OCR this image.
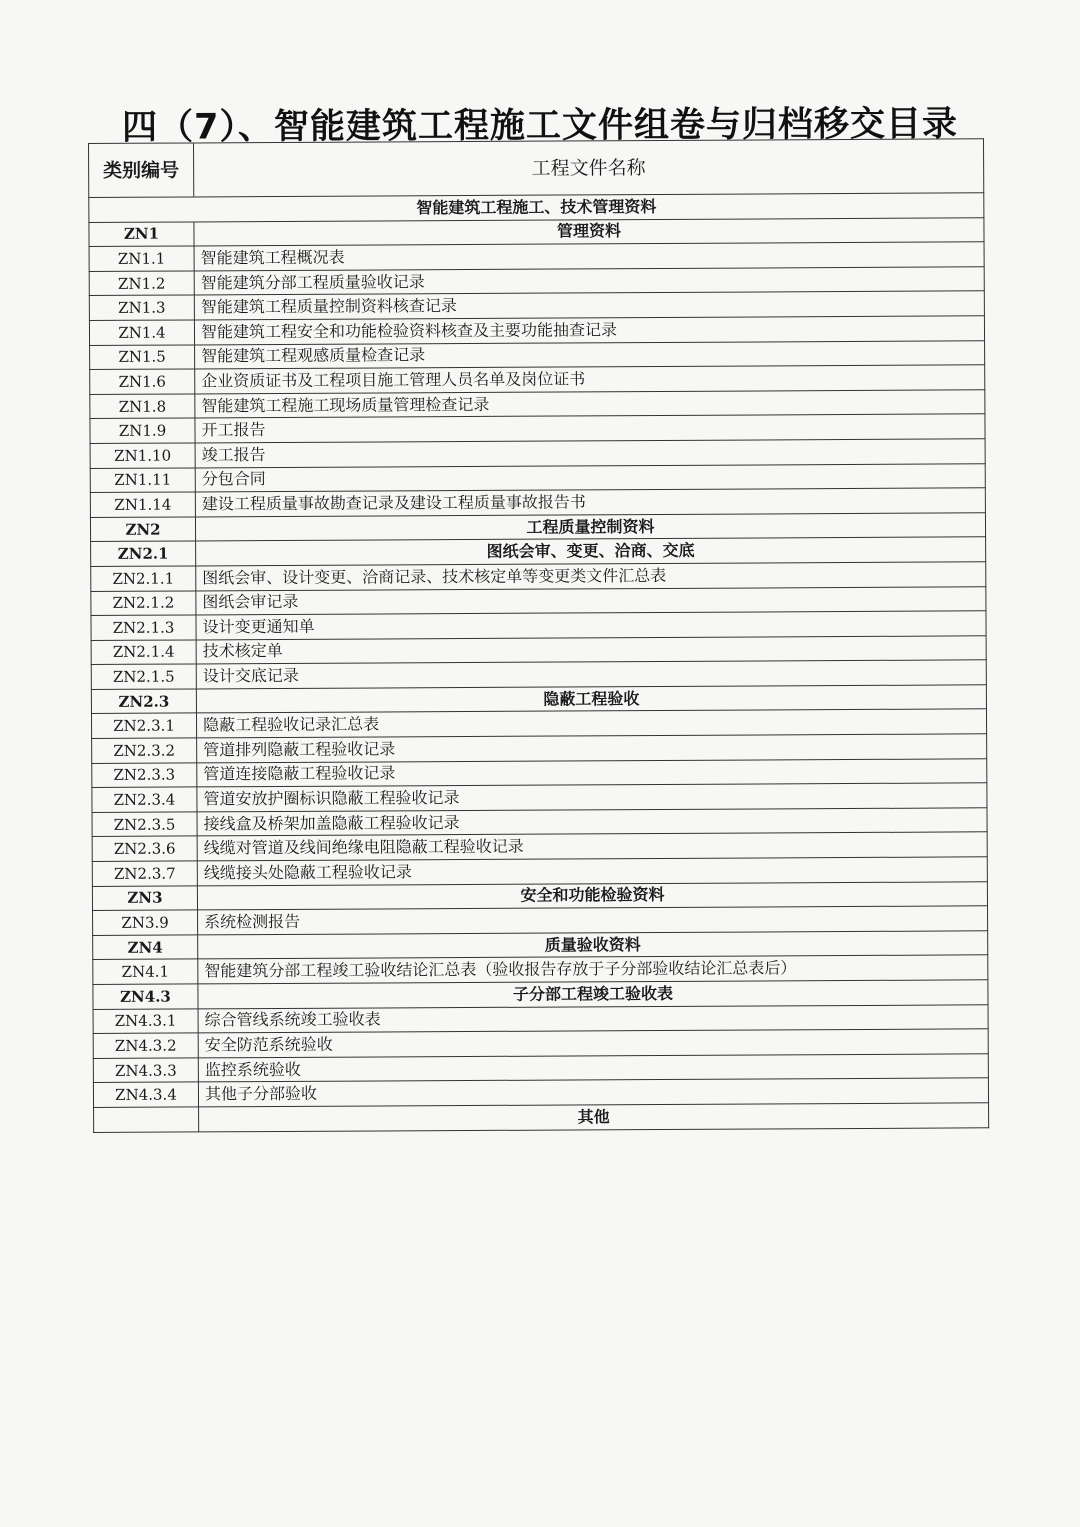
四（7）、智能建筑工程施工文件组卷与归档移交目录
类别编号	工程文件名称
智能建筑工程施工、技术管理资料	
ZN1	管理资料
ZN1.1	智能建筑工程概况表
ZN1.2	智能建筑分部工程质量验收记录
ZN1.3	智能建筑工程质量控制资料核查记录
ZN1.4	智能建筑工程安全和功能检验资料核查及主要功能抽查记录
ZN1.5	智能建筑工程观感质量检查记录
ZN1.6	企业资质证书及工程项目施工管理人员名单及岗位证书
ZN1.8	智能建筑工程施工现场质量管理检查记录
ZN1.9	开工报告
ZN1.10	竣工报告
ZN1.11	分包合同
ZN1.14	建设工程质量事故勘查记录及建设工程质量事故报告书
ZN2	工程质量控制资料
ZN2.1	图纸会审、变更、洽商、交底
ZN2.1.1	图纸会审、设计变更、洽商记录、技术核定单等变更类文件汇总表
ZN2.1.2	图纸会审记录
ZN2.1.3	设计变更通知单
ZN2.1.4	技术核定单
ZN2.1.5	设计交底记录
ZN2.3	隐蔽工程验收
ZN2.3.1	隐蔽工程验收记录汇总表
ZN2.3.2	管道排列隐蔽工程验收记录
ZN2.3.3	管道连接隐蔽工程验收记录
ZN2.3.4	管道安放护圈标识隐蔽工程验收记录
ZN2.3.5	接线盒及桥架加盖隐蔽工程验收记录
ZN2.3.6	线缆对管道及线间绝缘电阻隐蔽工程验收记录
ZN2.3.7	线缆接头处隐蔽工程验收记录
ZN3	安全和功能检验资料
ZN3.9	系统检测报告
ZN4	质量验收资料
ZN4.1	智能建筑分部工程竣工验收结论汇总表（验收报告存放于子分部验收结论汇总表后）
ZN4.3	子分部工程竣工验收表
ZN4.3.1	综合管线系统竣工验收表
ZN4.3.2	安全防范系统验收
ZN4.3.3	监控系统验收
ZN4.3.4	其他子分部验收
	其他
